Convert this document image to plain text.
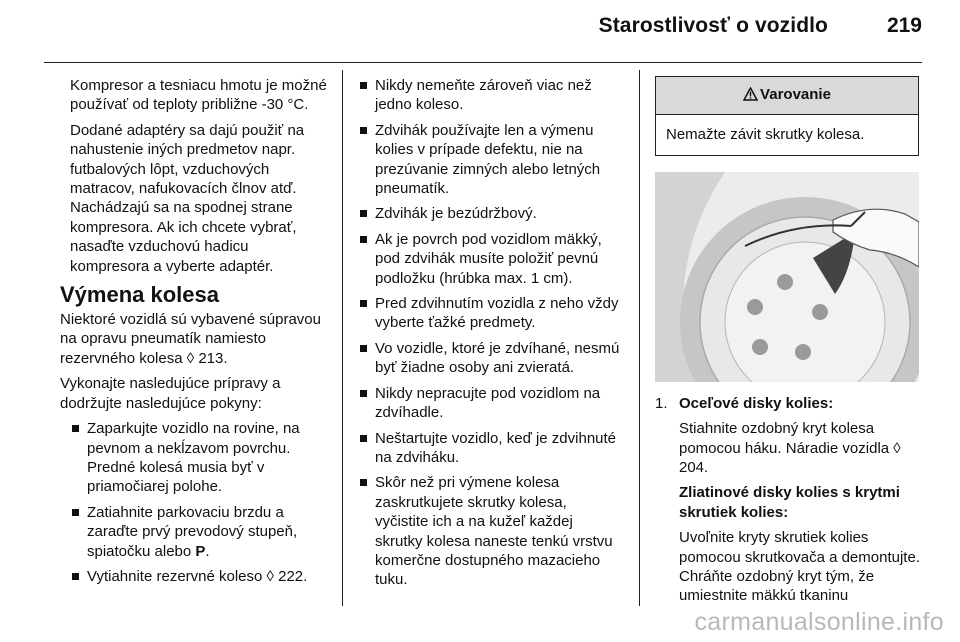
Starostlivosť o vozidlo	219

Kompresor a tesniacu hmotu je možné používať od teploty približne -30 °C.

Dodané adaptéry sa dajú použiť na nahustenie iných predmetov napr. futbalových lôpt, vzduchových matracov, nafukovacích člnov atď. Nachádzajú sa na spodnej strane kompresora. Ak ich chcete vybrať, nasaďte vzduchovú hadicu kompresora a vyberte adaptér.

Výmena kolesa

Niektoré vozidlá sú vybavené súpravou na opravu pneumatík namiesto rezervného kolesa ◊ 213.

Vykonajte nasledujúce prípravy a dodržujte nasledujúce pokyny:

Zaparkujte vozidlo na rovine, na pevnom a nekĺzavom povrchu. Predné kolesá musia byť v priamočiarej polohe.
Zatiahnite parkovaciu brzdu a zaraďte prvý prevodový stupeň, spiatočku alebo P.
Vytiahnite rezervné koleso ◊ 222.
Nikdy nemeňte zároveň viac než jedno koleso.
Zdvihák používajte len a výmenu kolies v prípade defektu, nie na prezúvanie zimných alebo letných pneumatík.
Zdvihák je bezúdržbový.
Ak je povrch pod vozidlom mäkký, pod zdvihák musíte položiť pevnú podložku (hrúbka max. 1 cm).
Pred zdvihnutím vozidla z neho vždy vyberte ťažké predmety.
Vo vozidle, ktoré je zdvíhané, nesmú byť žiadne osoby ani zvieratá.
Nikdy nepracujte pod vozidlom na zdvíhadle.
Neštartujte vozidlo, keď je zdvihnuté na zdviháku.
Skôr než pri výmene kolesa zaskrutkujete skrutky kolesa, vyčistite ich a na kužeľ každej skrutky kolesa naneste tenkú vrstvu komerčne dostupného mazacieho tuku.
Varovanie
Nemažte závit skrutky kolesa.
1. Oceľové disky kolies:

Stiahnite ozdobný kryt kolesa pomocou háku. Náradie vozidla ◊ 204.

Zliatinové disky kolies s krytmi skrutiek kolies:

Uvoľnite kryty skrutiek kolies pomocou skrutkovača a demontujte. Chráňte ozdobný kryt tým, že umiestnite mäkkú tkaninu

carmanualsonline.info
